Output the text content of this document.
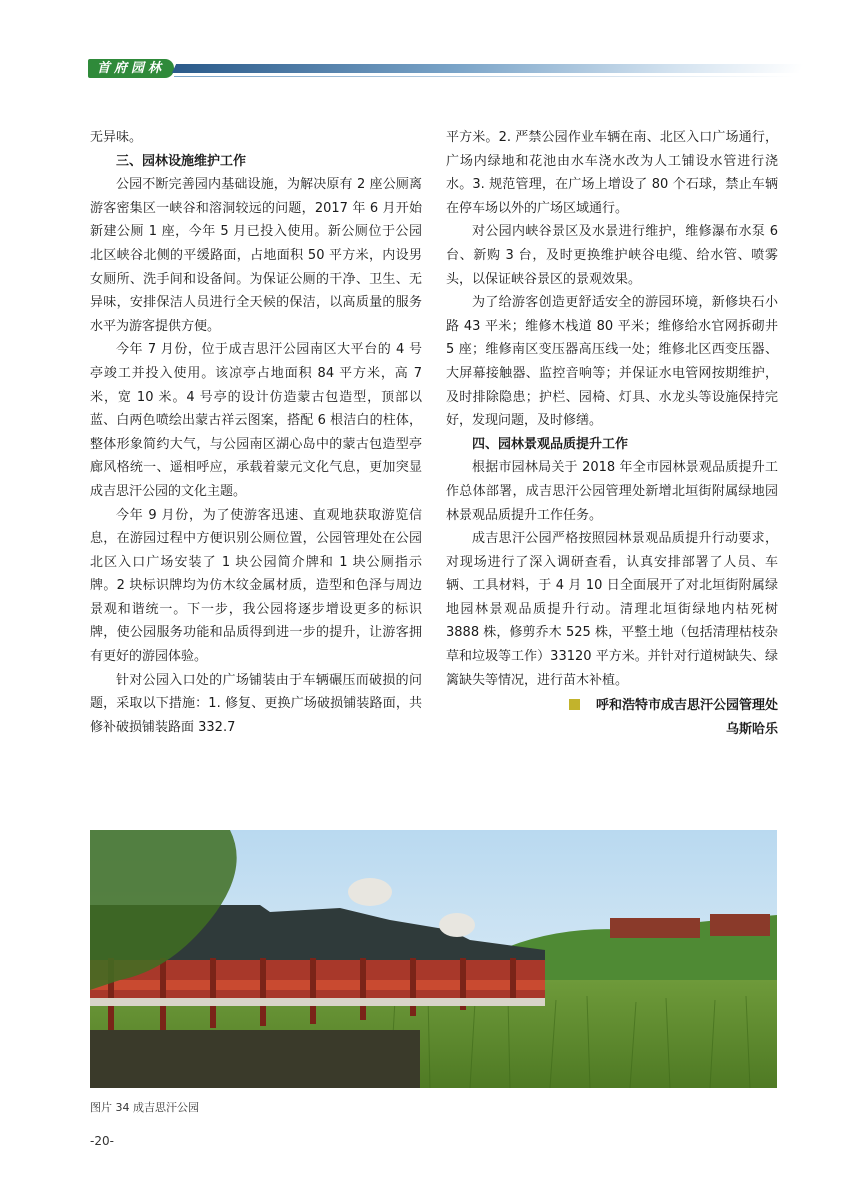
首府园林

无异味。

三、园林设施维护工作

公园不断完善园内基础设施，为解决原有 2 座公厕离游客密集区一峡谷和溶洞较远的问题，2017 年 6 月开始新建公厕 1 座，今年 5 月已投入使用。新公厕位于公园北区峡谷北侧的平缓路面，占地面积 50 平方米，内设男女厕所、洗手间和设备间。为保证公厕的干净、卫生、无异味，安排保洁人员进行全天候的保洁，以高质量的服务水平为游客提供方便。

今年 7 月份，位于成吉思汗公园南区大平台的 4 号亭竣工并投入使用。该凉亭占地面积 84 平方米，高 7 米，宽 10 米。4 号亭的设计仿造蒙古包造型，顶部以蓝、白两色喷绘出蒙古祥云图案，搭配 6 根洁白的柱体，整体形象简约大气，与公园南区湖心岛中的蒙古包造型亭廊风格统一、遥相呼应，承载着蒙元文化气息，更加突显成吉思汗公园的文化主题。

今年 9 月份，为了使游客迅速、直观地获取游览信息，在游园过程中方便识别公厕位置，公园管理处在公园北区入口广场安装了 1 块公园简介牌和 1 块公厕指示牌。2 块标识牌均为仿木纹金属材质，造型和色泽与周边景观和谐统一。下一步，我公园将逐步增设更多的标识牌，使公园服务功能和品质得到进一步的提升，让游客拥有更好的游园体验。

针对公园入口处的广场铺装由于车辆碾压而破损的问题，采取以下措施：1. 修复、更换广场破损铺装路面，共修补破损铺装路面 332.7

平方米。2. 严禁公园作业车辆在南、北区入口广场通行，广场内绿地和花池由水车浇水改为人工铺设水管进行浇水。3. 规范管理，在广场上增设了 80 个石球，禁止车辆在停车场以外的广场区域通行。

对公园内峡谷景区及水景进行维护，维修瀑布水泵 6 台、新购 3 台，及时更换维护峡谷电缆、给水管、喷雾头，以保证峡谷景区的景观效果。

为了给游客创造更舒适安全的游园环境，新修块石小路 43 平米；维修木栈道 80 平米；维修给水官网拆砌井 5 座；维修南区变压器高压线一处；维修北区西变压器、大屏幕接触器、监控音响等；并保证水电管网按期维护，及时排除隐患；护栏、园椅、灯具、水龙头等设施保持完好，发现问题，及时修缮。

四、园林景观品质提升工作

根据市园林局关于 2018 年全市园林景观品质提升工作总体部署，成吉思汗公园管理处新增北垣街附属绿地园林景观品质提升工作任务。

成吉思汗公园严格按照园林景观品质提升行动要求，对现场进行了深入调研查看，认真安排部署了人员、车辆、工具材料，于 4 月 10 日全面展开了对北垣街附属绿地园林景观品质提升行动。清理北垣街绿地内枯死树 3888 株，修剪乔木 525 株，平整土地（包括清理枯枝杂草和垃圾等工作）33120 平方米。并针对行道树缺失、绿篱缺失等情况，进行苗木补植。

呼和浩特市成吉思汗公园管理处

乌斯哈乐

图片 34 成吉思汗公园
-20-
